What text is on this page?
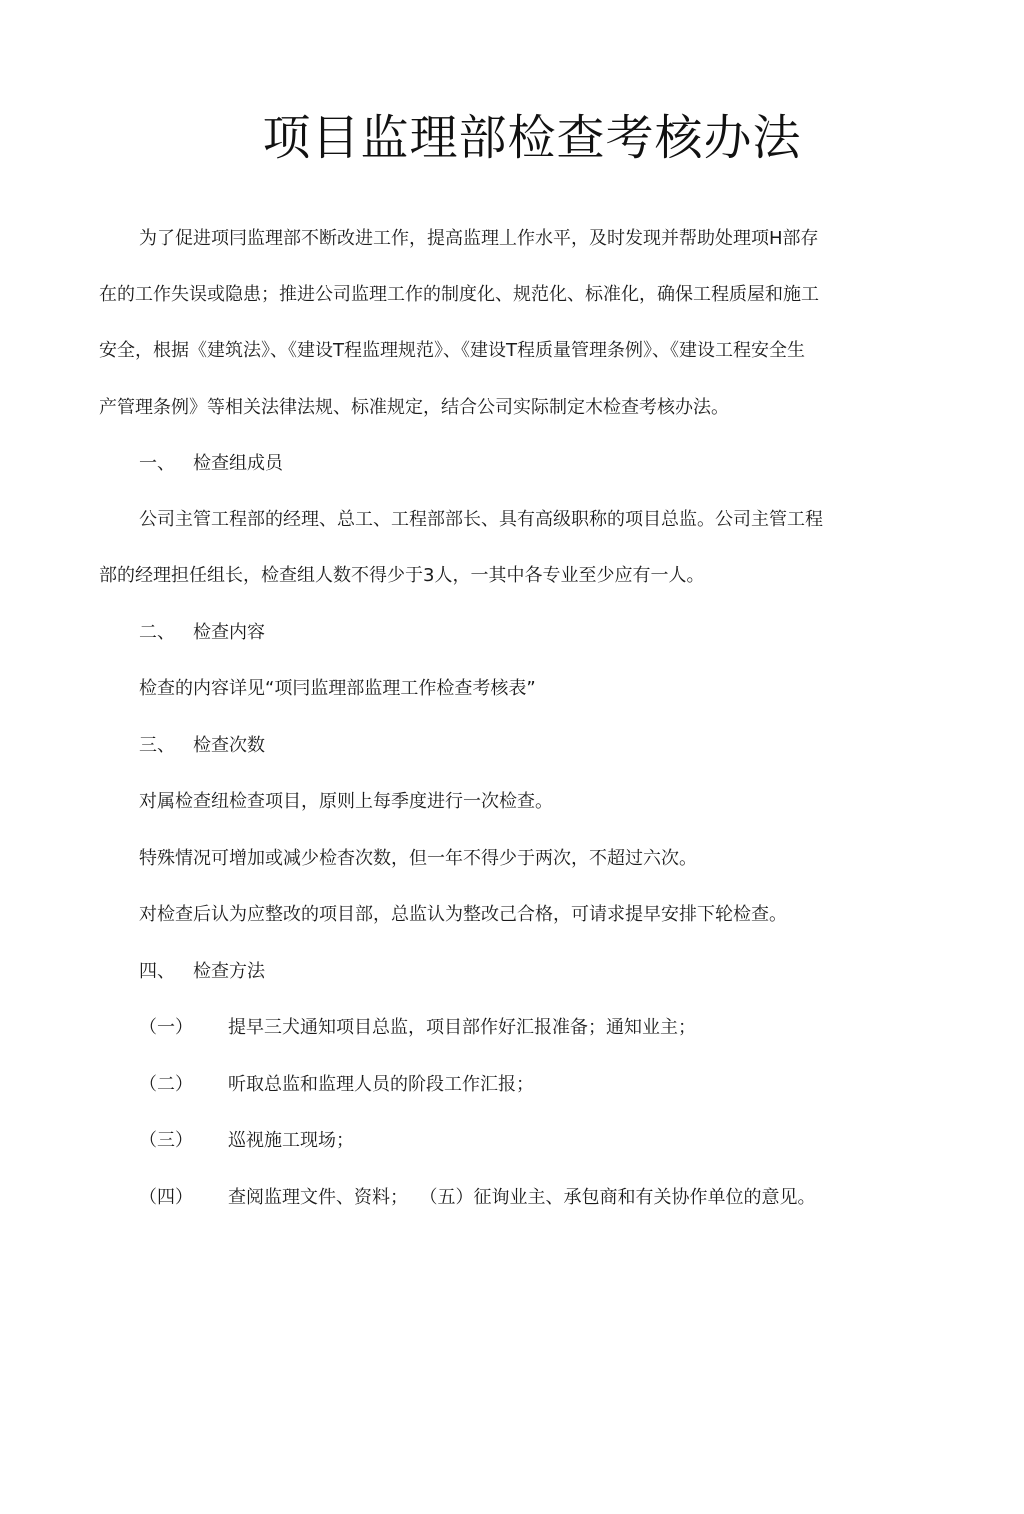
项目监理部检查考核办法
为了促进项冃监理部不断改进工作，提高监理丄作水平，及时发现并帮助处理项H部存
在的工作失误或隐患；推进公司监理工作的制度化、规范化、标准化，确保工程质屋和施工
安全，根据《建筑法》、《建设T程监理规范》、《建设T程质量管理条例》、《建设工程安全生
产管理条例》等相关法律法规、标准规定，结合公司实际制定木检查考核办法。
一、 检查组成员
公司主管工程部的经理、总工、工程部部长、具有高级职称的项目总监。公司主管工程
部的经理担任组长，检查组人数不得少于3人，一其中各专业至少应有一人。
二、 检查内容
检查的内容详见“项冃监理部监理工作检查考核表”
三、 检查次数
对属检查纽检查项目，原则上每季度进行一次检查。
特殊情况可增加或减少检杳次数，但一年不得少于两次，不超过六次。
对检查后认为应整改的项目部，总监认为整改己合格，可请求提早安排下轮检查。
四、 检查方法
（一） 提早三犬通知项目总监，项目部作好汇报准备；通知业主；
（二） 听取总监和监理人员的阶段工作汇报；
（三） 巡视施工现场；
（四） 查阅监理文件、资料；  （五）征询业主、承包商和有关协作单位的意见。
